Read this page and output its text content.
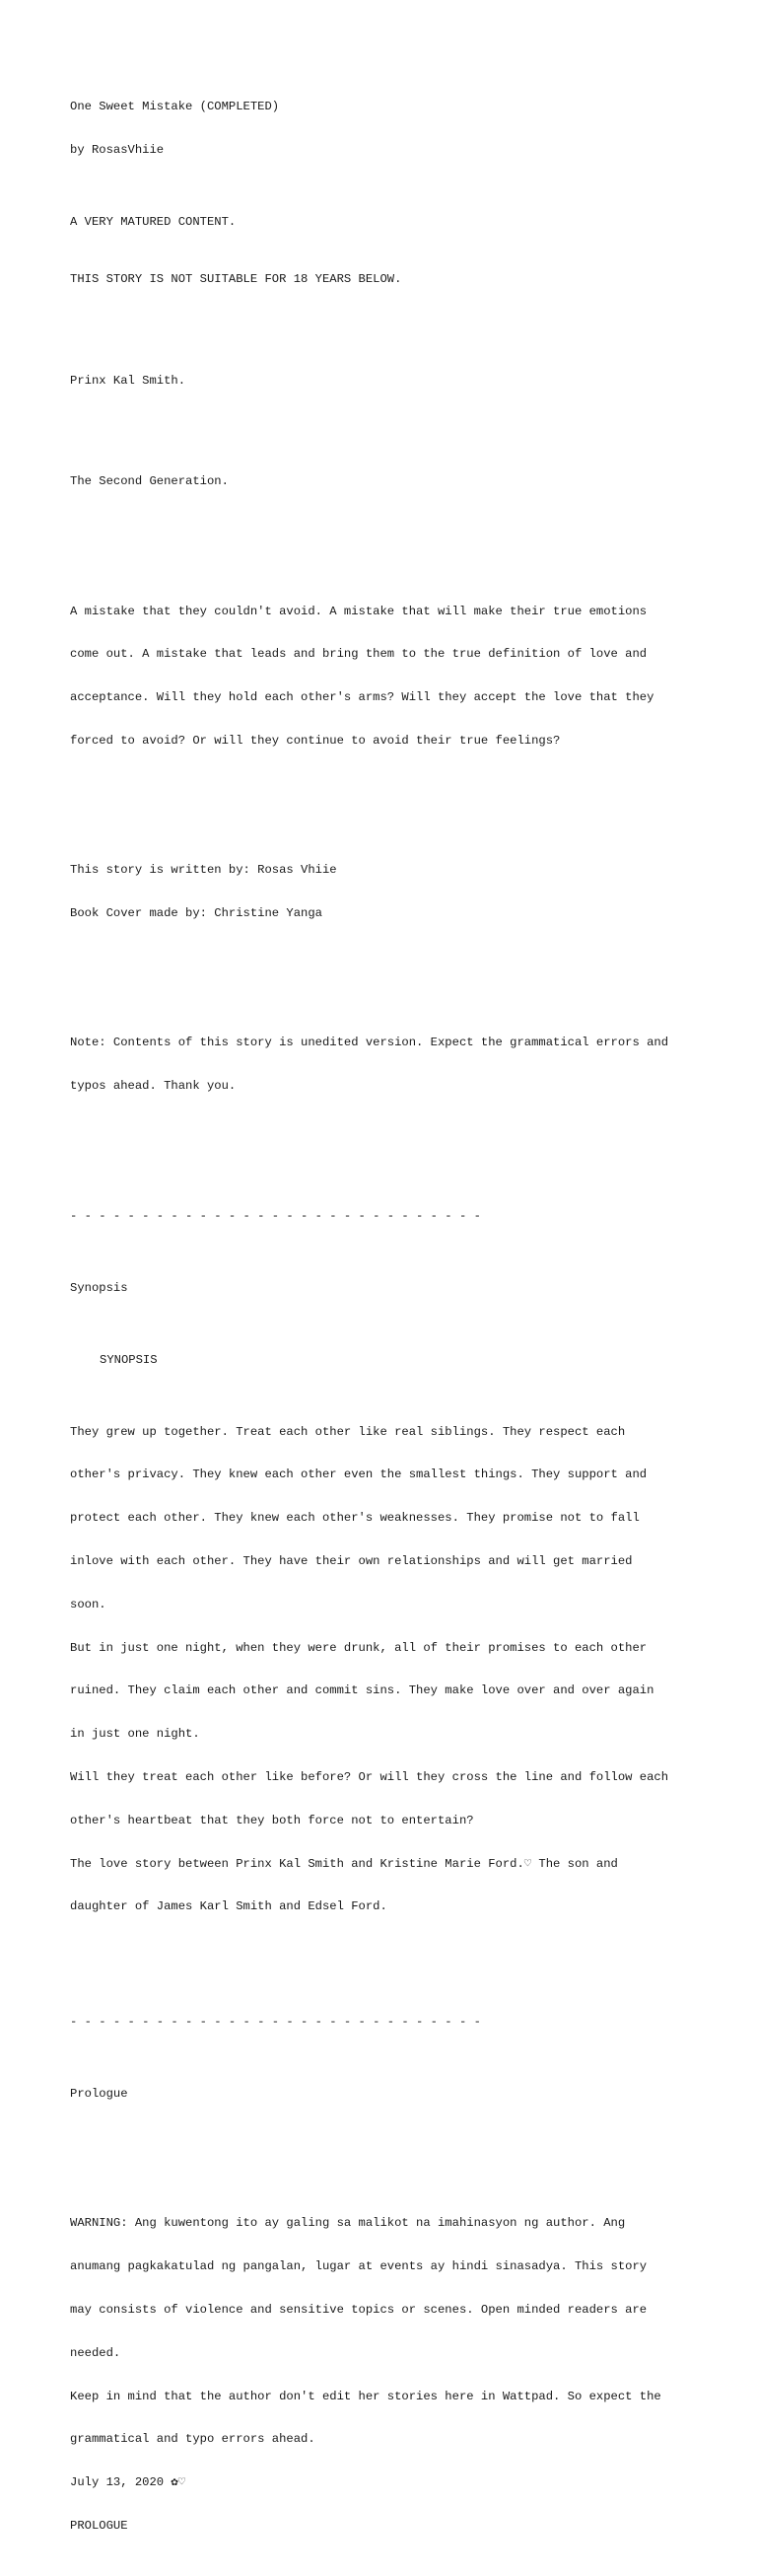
One Sweet Mistake (COMPLETED)

by RosasVhiie

A VERY MATURED CONTENT.

THIS STORY IS NOT SUITABLE FOR 18 YEARS BELOW.

Prinx Kal Smith.

The Second Generation.

A mistake that they couldn't avoid. A mistake that will make their true emotions

come out. A mistake that leads and bring them to the true definition of love and

acceptance. Will they hold each other's arms? Will they accept the love that they

forced to avoid? Or will they continue to avoid their true feelings?

This story is written by: Rosas Vhiie

Book Cover made by: Christine Yanga

Note: Contents of this story is unedited version. Expect the grammatical errors and

typos ahead. Thank you.

- - - - - - - - - - - - - - - - - - - - - - - - - - - - -

Synopsis

SYNOPSIS

They grew up together. Treat each other like real siblings. They respect each

other's privacy. They knew each other even the smallest things. They support and

protect each other. They knew each other's weaknesses. They promise not to fall

inlove with each other. They have their own relationships and will get married

soon.

But in just one night, when they were drunk, all of their promises to each other

ruined. They claim each other and commit sins. They make love over and over again

in just one night.

Will they treat each other like before? Or will they cross the line and follow each

other's heartbeat that they both force not to entertain?

The love story between Prinx Kal Smith and Kristine Marie Ford.♡ The son and

daughter of James Karl Smith and Edsel Ford.

- - - - - - - - - - - - - - - - - - - - - - - - - - - - -

Prologue

WARNING: Ang kuwentong ito ay galing sa malikot na imahinasyon ng author. Ang

anumang pagkakatulad ng pangalan, lugar at events ay hindi sinasadya. This story

may consists of violence and sensitive topics or scenes. Open minded readers are

needed.

Keep in mind that the author don't edit her stories here in Wattpad. So expect the

grammatical and typo errors ahead.

July 13, 2020 ✿♡

PROLOGUE
